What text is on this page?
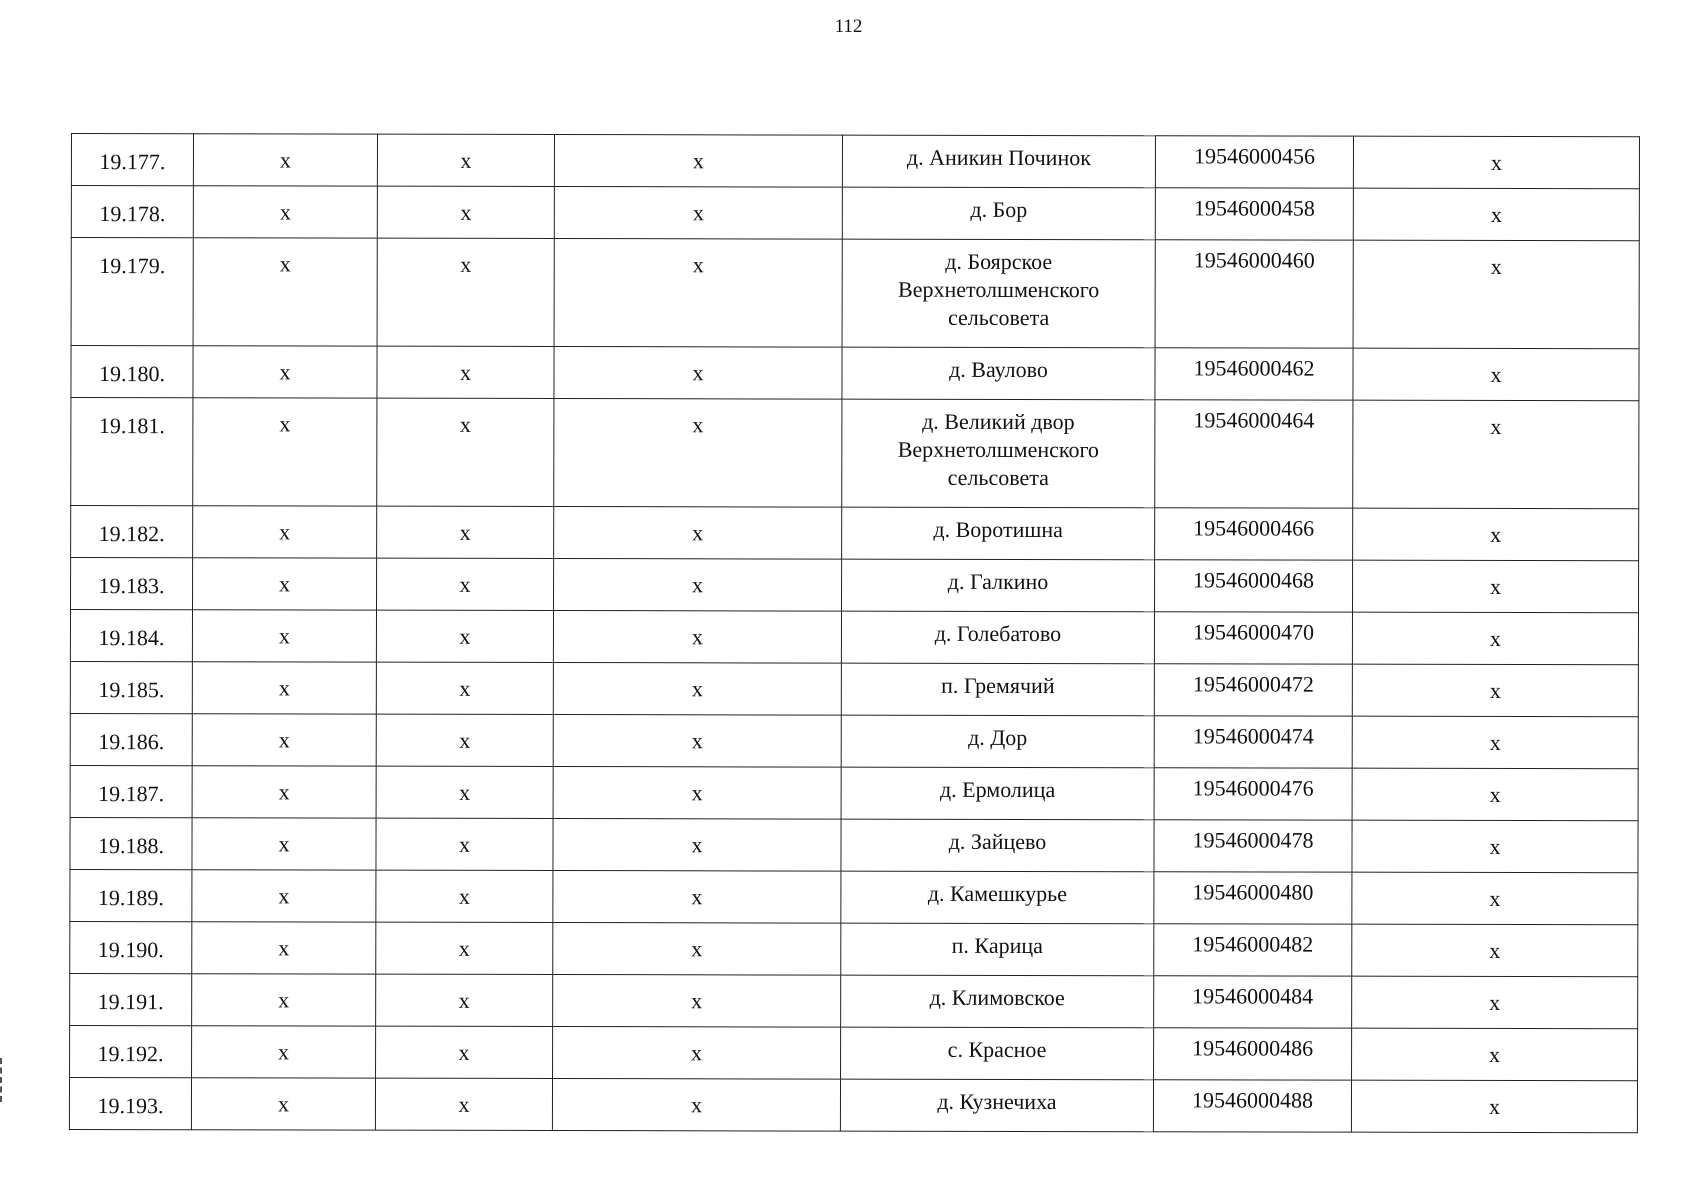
112
19.177.	x	x	x	д. Аникин Починок	19546000456	x
19.178.	x	x	x	д. Бор	19546000458	x
19.179.	x	x	x	д. Боярское Верхнетолшменского сельсовета	19546000460	x
19.180.	x	x	x	д. Ваулово	19546000462	x
19.181.	x	x	x	д. Великий двор Верхнетолшменского сельсовета	19546000464	x
19.182.	x	x	x	д. Воротишна	19546000466	x
19.183.	x	x	x	д. Галкино	19546000468	x
19.184.	x	x	x	д. Голебатово	19546000470	x
19.185.	x	x	x	п. Гремячий	19546000472	x
19.186.	x	x	x	д. Дор	19546000474	x
19.187.	x	x	x	д. Ермолица	19546000476	x
19.188.	x	x	x	д. Зайцево	19546000478	x
19.189.	x	x	x	д. Камешкурье	19546000480	x
19.190.	x	x	x	п. Карица	19546000482	x
19.191.	x	x	x	д. Климовское	19546000484	x
19.192.	x	x	x	с. Красное	19546000486	x
19.193.	x	x	x	д. Кузнечиха	19546000488	x
